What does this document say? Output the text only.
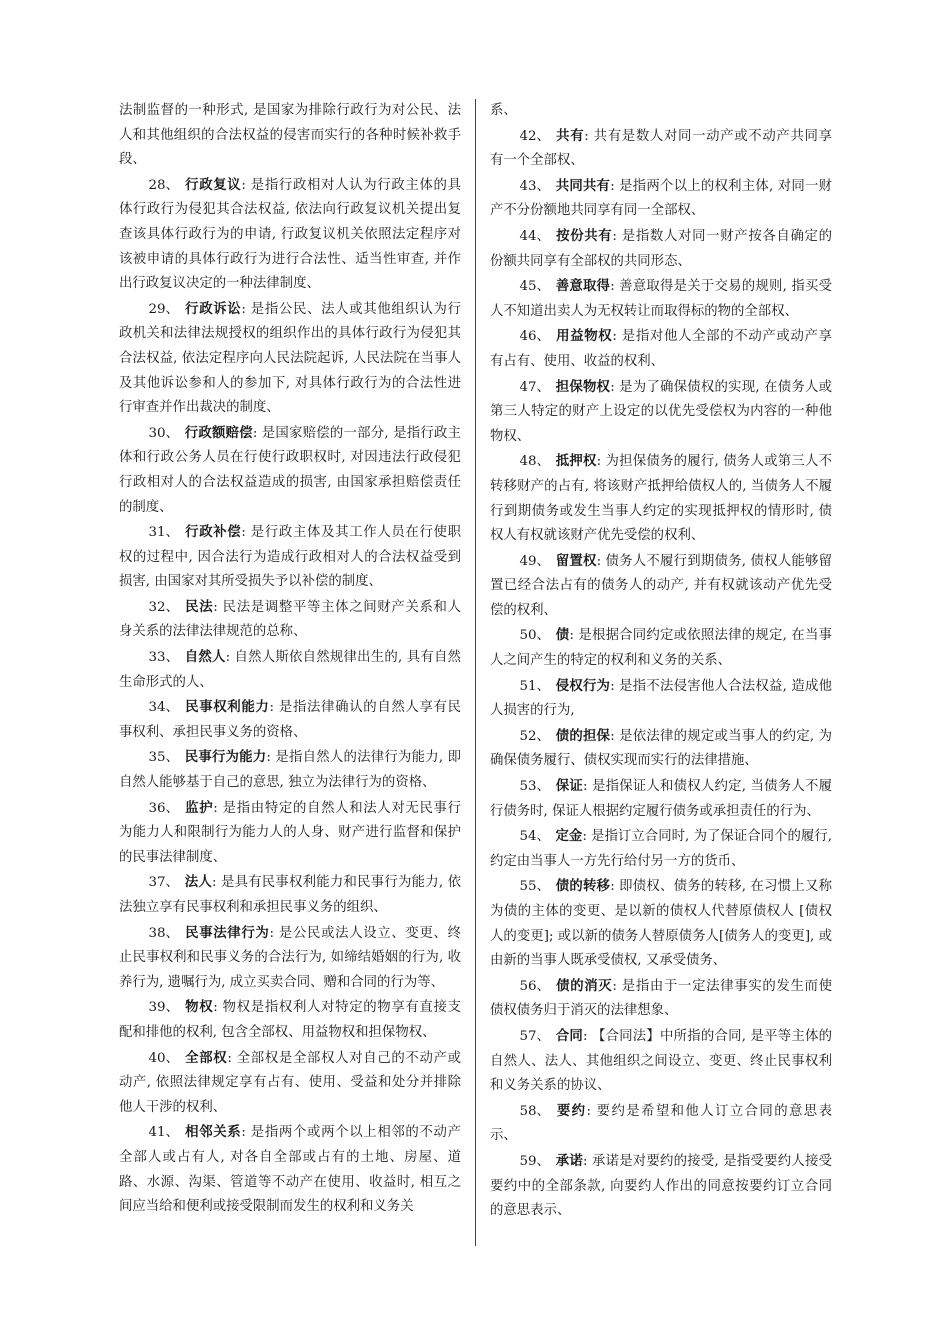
法制监督的一种形式, 是国家为排除行政行为对公民、法人和其他组织的合法权益的侵害而实行的各种时候补救手段、

28、 行政复议: 是指行政相对人认为行政主体的具体行政行为侵犯其合法权益, 依法向行政复议机关提出复查该具体行政行为的申请, 行政复议机关依照法定程序对该被申请的具体行政行为进行合法性、适当性审查, 并作出行政复议决定的一种法律制度、

29、 行政诉讼: 是指公民、法人或其他组织认为行政机关和法律法规授权的组织作出的具体行政行为侵犯其合法权益, 依法定程序向人民法院起诉, 人民法院在当事人及其他诉讼参和人的参加下, 对具体行政行为的合法性进行审查并作出裁决的制度、

30、 行政额赔偿: 是国家赔偿的一部分, 是指行政主体和行政公务人员在行使行政职权时, 对因违法行政侵犯行政相对人的合法权益造成的损害, 由国家承担赔偿责任的制度、

31、 行政补偿: 是行政主体及其工作人员在行使职权的过程中, 因合法行为造成行政相对人的合法权益受到损害, 由国家对其所受损失予以补偿的制度、

32、 民法: 民法是调整平等主体之间财产关系和人身关系的法律法律规范的总称、

33、 自然人: 自然人斯依自然规律出生的, 具有自然生命形式的人、

34、 民事权利能力: 是指法律确认的自然人享有民事权利、承担民事义务的资格、

35、 民事行为能力: 是指自然人的法律行为能力, 即自然人能够基于自己的意思, 独立为法律行为的资格、

36、 监护: 是指由特定的自然人和法人对无民事行为能力人和限制行为能力人的人身、财产进行监督和保护的民事法律制度、

37、 法人: 是具有民事权利能力和民事行为能力, 依法独立享有民事权利和承担民事义务的组织、

38、 民事法律行为: 是公民或法人设立、变更、终止民事权利和民事义务的合法行为, 如缔结婚姻的行为, 收养行为, 遗嘱行为, 成立买卖合同、赠和合同的行为等、

39、 物权: 物权是指权利人对特定的物享有直接支配和排他的权利, 包含全部权、用益物权和担保物权、

40、 全部权: 全部权是全部权人对自己的不动产或动产, 依照法律规定享有占有、使用、受益和处分并排除他人干涉的权利、

41、 相邻关系: 是指两个或两个以上相邻的不动产全部人或占有人, 对各自全部或占有的土地、房屋、道路、水源、沟渠、管道等不动产在使用、收益时, 相互之间应当给和便利或接受限制而发生的权利和义务关

系、

42、 共有: 共有是数人对同一动产或不动产共同享有一个全部权、

43、 共同共有: 是指两个以上的权利主体, 对同一财产不分份额地共同享有同一全部权、

44、 按份共有: 是指数人对同一财产按各自确定的份额共同享有全部权的共同形态、

45、 善意取得: 善意取得是关于交易的规则, 指买受人不知道出卖人为无权转让而取得标的物的全部权、

46、 用益物权: 是指对他人全部的不动产或动产享有占有、使用、收益的权利、

47、 担保物权: 是为了确保债权的实现, 在债务人或第三人特定的财产上设定的以优先受偿权为内容的一种他物权、

48、 抵押权: 为担保债务的履行, 债务人或第三人不转移财产的占有, 将该财产抵押给债权人的, 当债务人不履行到期债务或发生当事人约定的实现抵押权的情形时, 债权人有权就该财产优先受偿的权利、

49、 留置权: 债务人不履行到期债务, 债权人能够留置已经合法占有的债务人的动产, 并有权就该动产优先受偿的权利、

50、 债: 是根据合同约定或依照法律的规定, 在当事人之间产生的特定的权利和义务的关系、

51、 侵权行为: 是指不法侵害他人合法权益, 造成他人损害的行为,

52、 债的担保: 是依法律的规定或当事人的约定, 为确保债务履行、债权实现而实行的法律措施、

53、 保证: 是指保证人和债权人约定, 当债务人不履行债务时, 保证人根据约定履行债务或承担责任的行为、

54、 定金: 是指订立合同时, 为了保证合同个的履行, 约定由当事人一方先行给付另一方的货币、

55、 债的转移: 即债权、债务的转移, 在习惯上又称为债的主体的变更、是以新的债权人代替原债权人 [债权人的变更]; 或以新的债务人替原债务人[债务人的变更], 或由新的当事人既承受债权, 又承受债务、

56、 债的消灭: 是指由于一定法律事实的发生而使债权债务归于消灭的法律想象、

57、 合同: 【合同法】中所指的合同, 是平等主体的自然人、法人、其他组织之间设立、变更、终止民事权利和义务关系的协议、

58、 要约: 要约是希望和他人订立合同的意思表示、

59、 承诺: 承诺是对要约的接受, 是指受要约人接受要约中的全部条款, 向要约人作出的同意按要约订立合同的意思表示、
